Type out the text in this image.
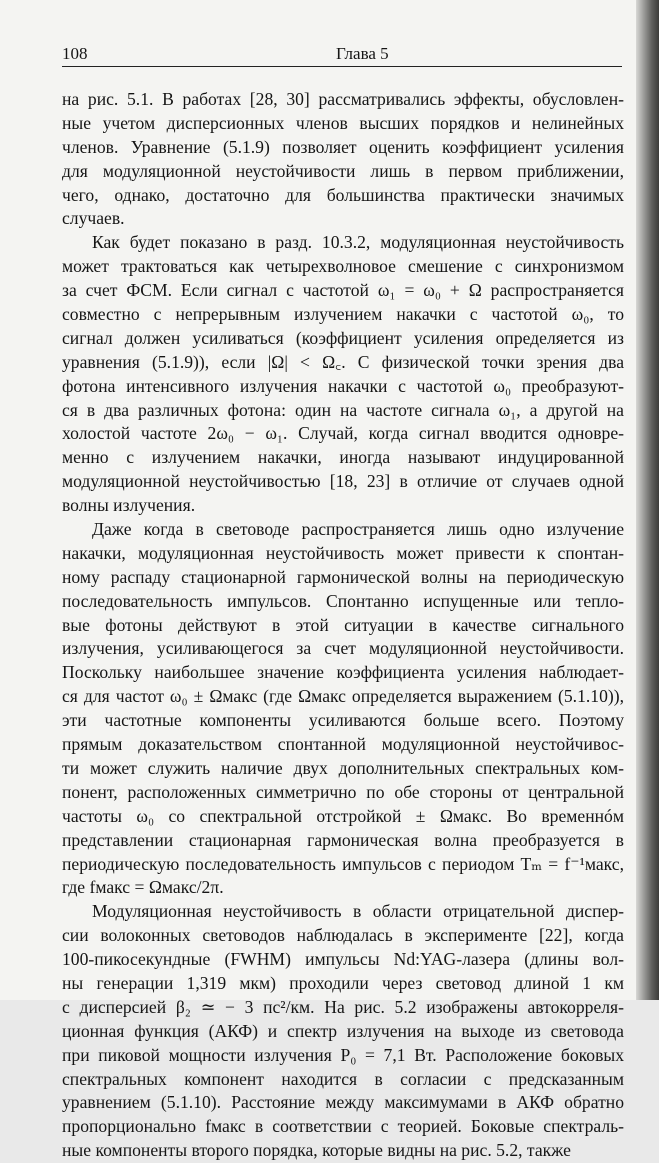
108	Глава 5
на рис. 5.1. В работах [28, 30] рассматривались эффекты, обусловлен-
ные учетом дисперсионных членов высших порядков и нелинейных
членов. Уравнение (5.1.9) позволяет оценить коэффициент усиления
для модуляционной неустойчивости лишь в первом приближении,
чего, однако, достаточно для большинства практически значимых
случаев.
Как будет показано в разд. 10.3.2, модуляционная неустойчивость
может трактоваться как четырехволновое смешение с синхронизмом
за счет ФСМ. Если сигнал с частотой ω₁ = ω₀ + Ω распространяется
совместно с непрерывным излучением накачки с частотой ω₀, то
сигнал должен усиливаться (коэффициент усиления определяется из
уравнения (5.1.9)), если |Ω| < Ω꜀. С физической точки зрения два
фотона интенсивного излучения накачки с частотой ω₀ преобразуют-
ся в два различных фотона: один на частоте сигнала ω₁, а другой на
холостой частоте 2ω₀ − ω₁. Случай, когда сигнал вводится одновре-
менно с излучением накачки, иногда называют индуцированной
модуляционной неустойчивостью [18, 23] в отличие от случаев одной
волны излучения.
Даже когда в световоде распространяется лишь одно излучение
накачки, модуляционная неустойчивость может привести к спонтан-
ному распаду стационарной гармонической волны на периодическую
последовательность импульсов. Спонтанно испущенные или тепло-
вые фотоны действуют в этой ситуации в качестве сигнального
излучения, усиливающегося за счет модуляционной неустойчивости.
Поскольку наибольшее значение коэффициента усиления наблюдает-
ся для частот ω₀ ± Ωмакс (где Ωмакс определяется выражением (5.1.10)),
эти частотные компоненты усиливаются больше всего. Поэтому
прямым доказательством спонтанной модуляционной неустойчивос-
ти может служить наличие двух дополнительных спектральных ком-
понент, расположенных симметрично по обе стороны от центральной
частоты ω₀ со спектральной отстройкой ± Ωмакс. Во временнóм
представлении стационарная гармоническая волна преобразуется в
периодическую последовательность импульсов с периодом Tₘ = f⁻¹макс,
где fмакс = Ωмакс/2π.
Модуляционная неустойчивость в области отрицательной диспер-
сии волоконных световодов наблюдалась в эксперименте [22], когда
100-пикосекундные (FWHM) импульсы Nd:YAG-лазера (длины вол-
ны генерации 1,319 мкм) проходили через световод длиной 1 км
с дисперсией β₂ ≃ − 3 пс²/км. На рис. 5.2 изображены автокорреля-
ционная функция (АКФ) и спектр излучения на выходе из световода
при пиковой мощности излучения P₀ = 7,1 Вт. Расположение боковых
спектральных компонент находится в согласии с предсказанным
уравнением (5.1.10). Расстояние между максимумами в АКФ обратно
пропорционально fмакс в соответствии с теорией. Боковые спектраль-
ные компоненты второго порядка, которые видны на рис. 5.2, также
